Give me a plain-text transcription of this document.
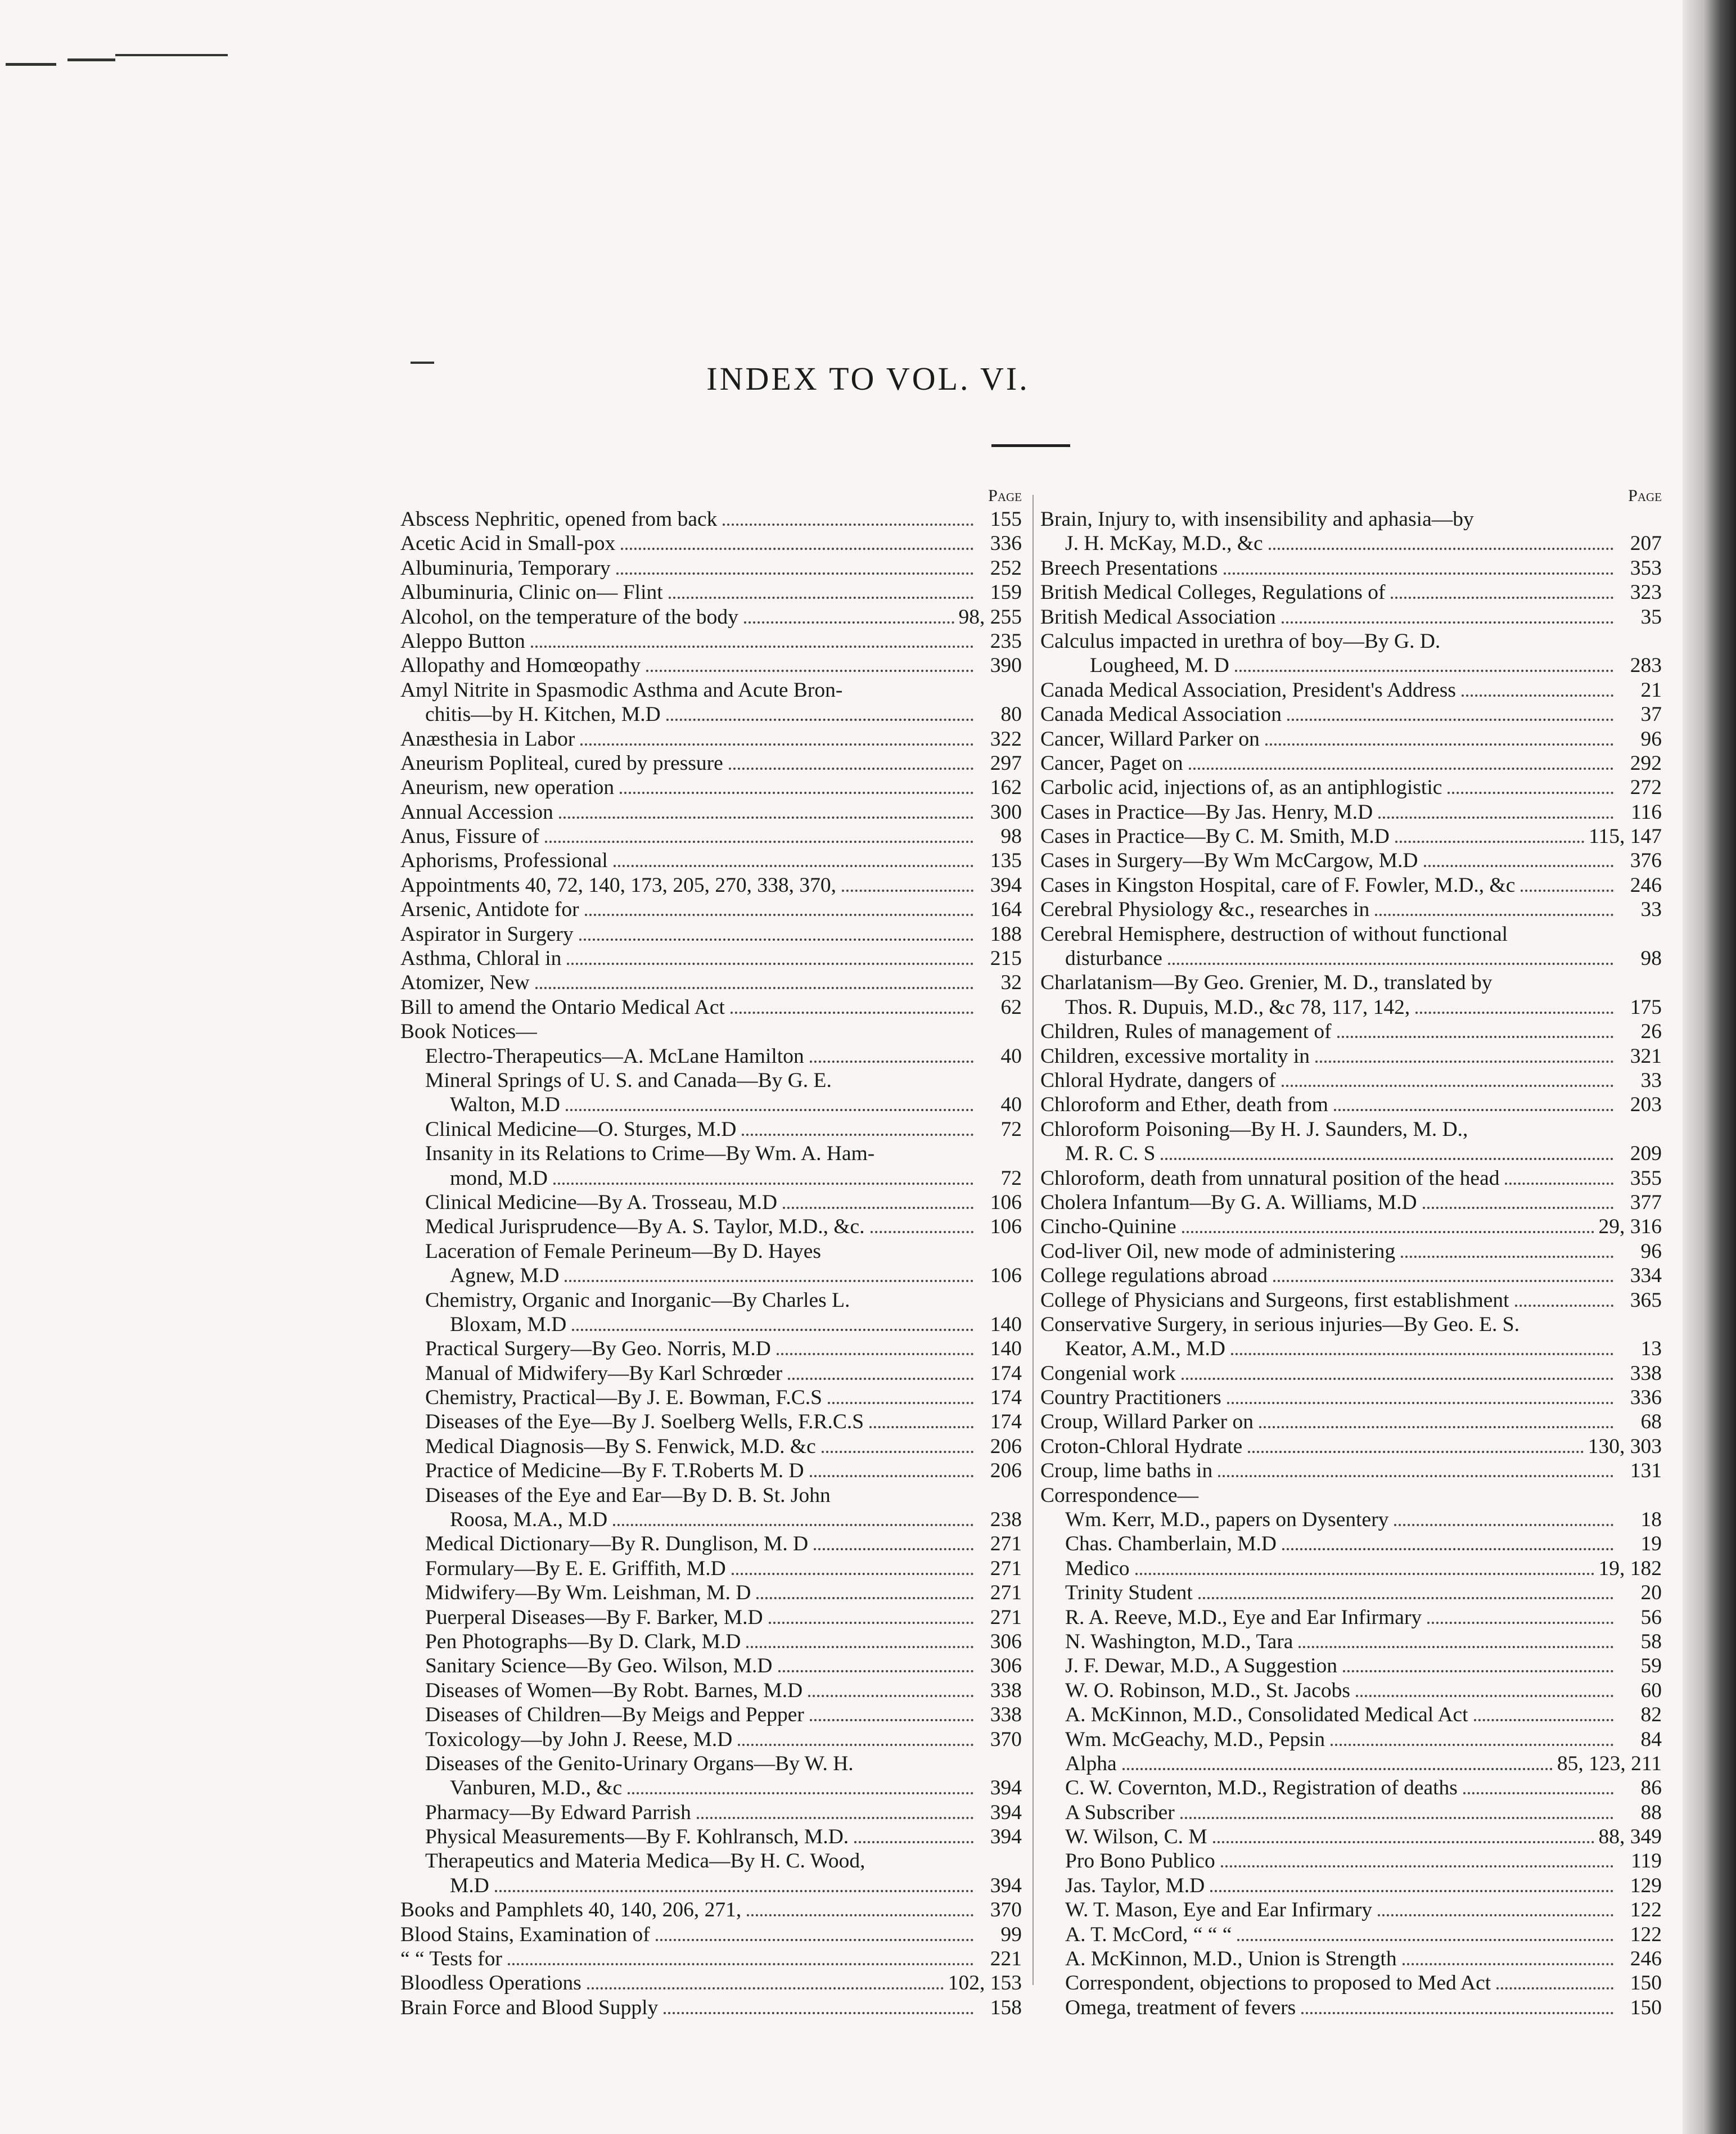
INDEX TO VOL. VI.
Page
Abscess Nephritic, opened from back	155
Acetic Acid in Small-pox	336
Albuminuria, Temporary	252
Albuminuria, Clinic on— Flint	159
Alcohol, on the temperature of the body	98, 255
Aleppo Button	235
Allopathy and Homœopathy	390
Amyl Nitrite in Spasmodic Asthma and Acute Bron-
chitis—by H. Kitchen, M.D	80
Anæsthesia in Labor	322
Aneurism Popliteal, cured by pressure	297
Aneurism, new operation	162
Annual Accession	300
Anus, Fissure of	98
Aphorisms, Professional	135
Appointments 40, 72, 140, 173, 205, 270, 338, 370,	394
Arsenic, Antidote for	164
Aspirator in Surgery	188
Asthma, Chloral in	215
Atomizer, New	32
Bill to amend the Ontario Medical Act	62
Book Notices—
Electro-Therapeutics—A. McLane Hamilton	40
Mineral Springs of U. S. and Canada—By G. E.
Walton, M.D	40
Clinical Medicine—O. Sturges, M.D	72
Insanity in its Relations to Crime—By Wm. A. Ham-
mond, M.D	72
Clinical Medicine—By A. Trosseau, M.D	106
Medical Jurisprudence—By A. S. Taylor, M.D., &c.	106
Laceration of Female Perineum—By D. Hayes
Agnew, M.D	106
Chemistry, Organic and Inorganic—By Charles L.
Bloxam, M.D	140
Practical Surgery—By Geo. Norris, M.D	140
Manual of Midwifery—By Karl Schrœder	174
Chemistry, Practical—By J. E. Bowman, F.C.S	174
Diseases of the Eye—By J. Soelberg Wells, F.R.C.S	174
Medical Diagnosis—By S. Fenwick, M.D. &c	206
Practice of Medicine—By F. T.Roberts M. D	206
Diseases of the Eye and Ear—By D. B. St. John
Roosa, M.A., M.D	238
Medical Dictionary—By R. Dunglison, M. D	271
Formulary—By E. E. Griffith, M.D	271
Midwifery—By Wm. Leishman, M. D	271
Puerperal Diseases—By F. Barker, M.D	271
Pen Photographs—By D. Clark, M.D	306
Sanitary Science—By Geo. Wilson, M.D	306
Diseases of Women—By Robt. Barnes, M.D	338
Diseases of Children—By Meigs and Pepper	338
Toxicology—by John J. Reese, M.D	370
Diseases of the Genito-Urinary Organs—By W. H.
Vanburen, M.D., &c	394
Pharmacy—By Edward Parrish	394
Physical Measurements—By F. Kohlransch, M.D.	394
Therapeutics and Materia Medica—By H. C. Wood,
M.D	394
Books and Pamphlets 40, 140, 206, 271,	370
Blood Stains, Examination of	99
“ “ Tests for	221
Bloodless Operations	102, 153
Brain Force and Blood Supply	158
Page
Brain, Injury to, with insensibility and aphasia—by
J. H. McKay, M.D., &c	207
Breech Presentations	353
British Medical Colleges, Regulations of	323
British Medical Association	35
Calculus impacted in urethra of boy—By G. D.
Lougheed, M. D	283
Canada Medical Association, President's Address	21
Canada Medical Association	37
Cancer, Willard Parker on	96
Cancer, Paget on	292
Carbolic acid, injections of, as an antiphlogistic	272
Cases in Practice—By Jas. Henry, M.D	116
Cases in Practice—By C. M. Smith, M.D	115, 147
Cases in Surgery—By Wm McCargow, M.D	376
Cases in Kingston Hospital, care of F. Fowler, M.D., &c	246
Cerebral Physiology &c., researches in	33
Cerebral Hemisphere, destruction of without functional
disturbance	98
Charlatanism—By Geo. Grenier, M. D., translated by
Thos. R. Dupuis, M.D., &c 78, 117, 142,	175
Children, Rules of management of	26
Children, excessive mortality in	321
Chloral Hydrate, dangers of	33
Chloroform and Ether, death from	203
Chloroform Poisoning—By H. J. Saunders, M. D.,
M. R. C. S	209
Chloroform, death from unnatural position of the head	355
Cholera Infantum—By G. A. Williams, M.D	377
Cincho-Quinine	29, 316
Cod-liver Oil, new mode of administering	96
College regulations abroad	334
College of Physicians and Surgeons, first establishment	365
Conservative Surgery, in serious injuries—By Geo. E. S.
Keator, A.M., M.D	13
Congenial work	338
Country Practitioners	336
Croup, Willard Parker on	68
Croton-Chloral Hydrate	130, 303
Croup, lime baths in	131
Correspondence—
Wm. Kerr, M.D., papers on Dysentery	18
Chas. Chamberlain, M.D	19
Medico	19, 182
Trinity Student	20
R. A. Reeve, M.D., Eye and Ear Infirmary	56
N. Washington, M.D., Tara	58
J. F. Dewar, M.D., A Suggestion	59
W. O. Robinson, M.D., St. Jacobs	60
A. McKinnon, M.D., Consolidated Medical Act	82
Wm. McGeachy, M.D., Pepsin	84
Alpha	85, 123, 211
C. W. Covernton, M.D., Registration of deaths	86
A Subscriber	88
W. Wilson, C. M	88, 349
Pro Bono Publico	119
Jas. Taylor, M.D	129
W. T. Mason, Eye and Ear Infirmary	122
A. T. McCord, “ “ “	122
A. McKinnon, M.D., Union is Strength	246
Correspondent, objections to proposed to Med Act	150
Omega, treatment of fevers	150
